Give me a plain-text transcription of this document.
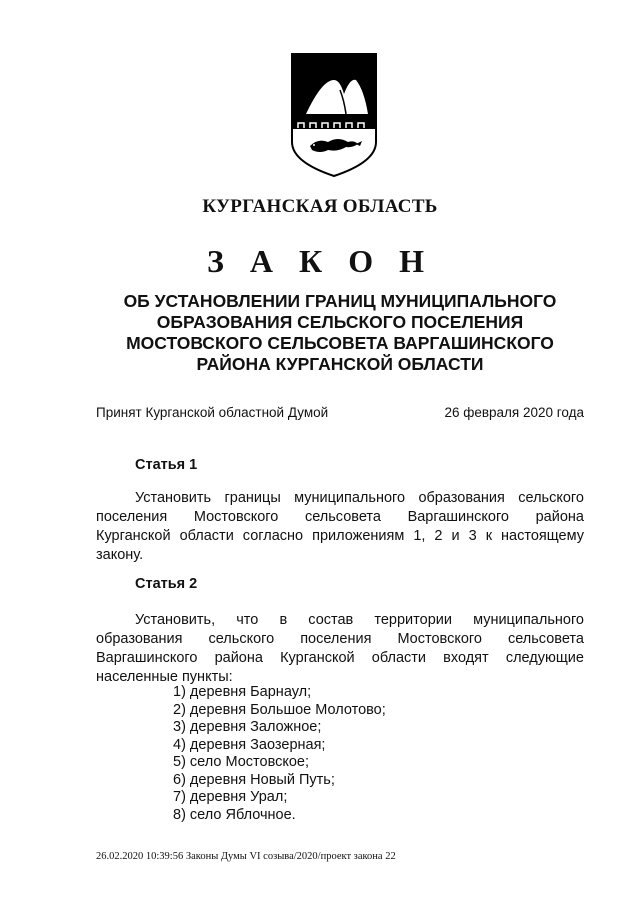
КУРГАНСКАЯ ОБЛАСТЬ
З А К О Н
ОБ УСТАНОВЛЕНИИ ГРАНИЦ МУНИЦИПАЛЬНОГО
ОБРАЗОВАНИЯ СЕЛЬСКОГО ПОСЕЛЕНИЯ
МОСТОВСКОГО СЕЛЬСОВЕТА ВАРГАШИНСКОГО
РАЙОНА КУРГАНСКОЙ ОБЛАСТИ
Принят Курганской областной Думой	26 февраля 2020 года
Статья 1
Установить границы муниципального образования сельского
поселения Мостовского сельсовета Варгашинского района
Курганской области согласно приложениям 1, 2 и 3 к настоящему
закону.
Статья 2
Установить, что в состав территории муниципального
образования сельского поселения Мостовского сельсовета
Варгашинского района Курганской области входят следующие
населенные пункты:
1) деревня Барнаул;
2) деревня Большое Молотово;
3) деревня Заложное;
4) деревня Заозерная;
5) село Мостовское;
6) деревня Новый Путь;
7) деревня Урал;
8) село Яблочное.
26.02.2020 10:39:56 Законы Думы VI созыва/2020/проект закона 22
